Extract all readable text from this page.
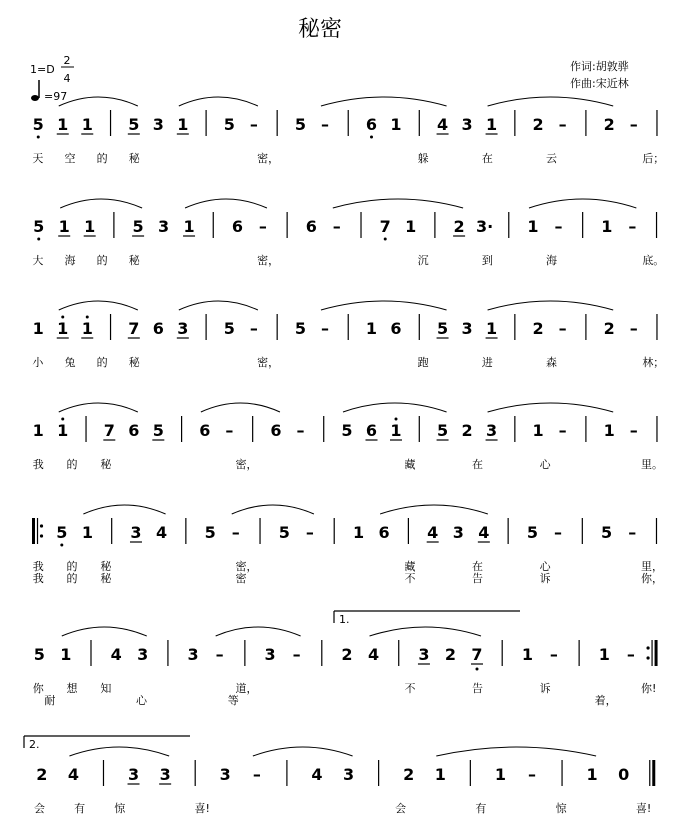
秘密
1=D
2
4
=97
作词:胡敦骅
作曲:宋近林
5 1 1 5 3 1 5 – 5 – 6 1 4 3 1 2 – 2 –
天 空 的 秘	密，	躲	在	云	后；
5 1 1 5 3 1 6 – 6 – 7 1 2 3· 1 – 1 –
大 海 的 秘	密，	沉	到	海	底。
1 1 1 7 6 3 5 – 5 – 1 6 5 3 1 2 – 2 –
小 兔 的 秘	密，	跑	进	森	林；
1 1 7 6 5 6 – 6 – 5 6 1 5 2 3 1 – 1 –
我 的 秘	密，	藏	在	心	里。
5 1 3 4 5 – 5 – 1 6 4 3 4 5 – 5 –
我 的 秘	密，	藏	在	心	里，
我 的 秘	密	不	告	诉	你，
5 1 4 3 3 –	3 –	2 4 3 2 7 1 –	1 –
你 想 知	道，	不	告	诉	你!
耐	心	等	着，
2 4	3 3	3 –	4 3	2 1	1 –	1 0
会	有	惊	喜!	会	有	惊	喜!
1.
2.
